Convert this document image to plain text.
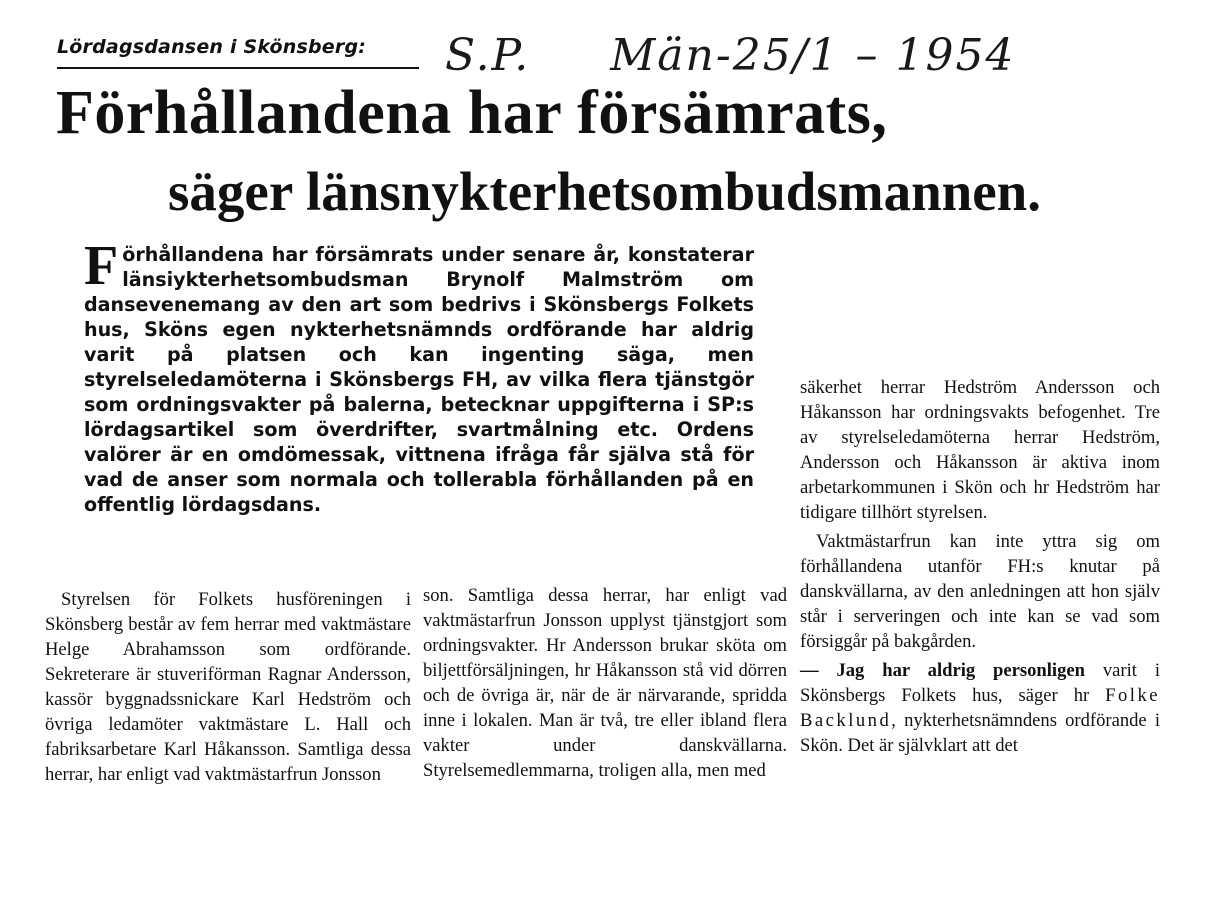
Lördagsdansen i Skönsberg: S.P. Män-25/1 – 1954
Förhållandena har försämrats,
säger länsnykterhetsombudsmannen.
Förhållandena har försämrats under senare år, konstaterar länsiykterhetsombudsman Brynolf Malmström om dansevenemang av den art som bedrivs i Skönsbergs Folkets hus, Sköns egen nykterhetsnämnds ordförande har aldrig varit på platsen och kan ingenting säga, men styrelseledamöterna i Skönsbergs FH, av vilka flera tjänstgör som ordningsvakter på balerna, betecknar uppgifterna i SP:s lördagsartikel som överdrifter, svartmålning etc. Ordens valörer är en omdömessak, vittnena ifråga får själva stå för vad de anser som normala och tollerabla förhållanden på en offentlig lördagsdans.

Styrelsen för Folkets husföreningen i Skönsberg består av fem herrar med vaktmästare Helge Abrahamsson som ordförande. Sekreterare är stuveriförman Ragnar Andersson, kassör byggnadssnickare Karl Hedström och övriga ledamöter vaktmästare L. Hall och fabriksarbetare Karl Håkansson. Samtliga dessa herrar, har enligt vad vaktmästarfrun Jonsson

son. Samtliga dessa herrar, har enligt vad vaktmästarfrun Jonsson upplyst tjänstgjort som ordningsvakter. Hr Andersson brukar sköta om biljettförsäljningen, hr Håkansson stå vid dörren och de övriga är, när de är närvarande, spridda inne i lokalen. Man är två, tre eller ibland flera vakter under danskvällarna. Styrelsemedlemmarna, troligen alla, men med

säkerhet herrar Hedström Andersson och Håkansson har ordningsvakts befogenhet. Tre av styrelseledamöterna herrar Hedström, Andersson och Håkansson är aktiva inom arbetarkommunen i Skön och hr Hedström har tidigare tillhört styrelsen.

Vaktmästarfrun kan inte yttra sig om förhållandena utanför FH:s knutar på danskvällarna, av den anledningen att hon själv står i serveringen och inte kan se vad som försiggår på bakgården.

— Jag har aldrig personligen varit i Skönsbergs Folkets hus, säger hr Folke Backlund, nykterhetsnämndens ordförande i Skön. Det är självklart att det
